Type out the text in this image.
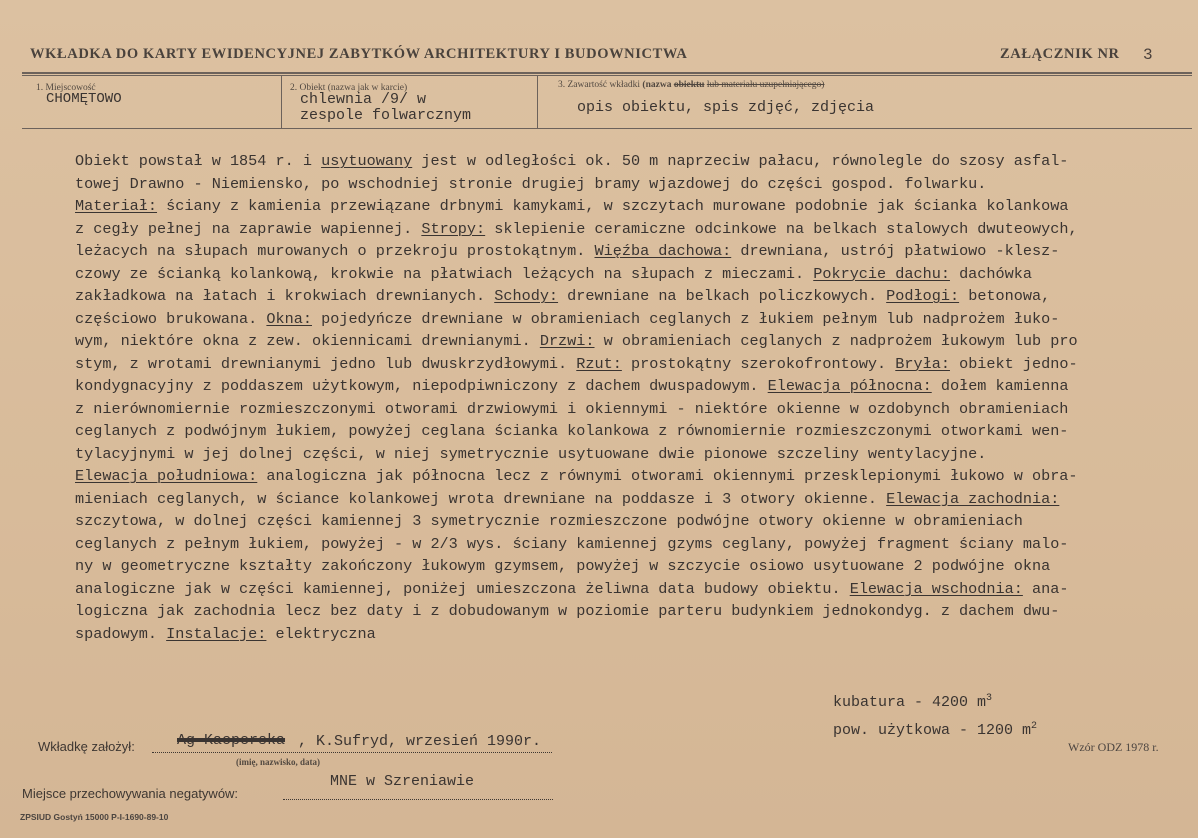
WKŁADKA DO KARTY EWIDENCYJNEJ ZABYTKÓW ARCHITEKTURY I BUDOWNICTWA	ZAŁĄCZNIK NR 3
1. Miejscowość
CHOMĘTOWO
2. Obiekt (nazwa jak w karcie)
chlewnia /9/ w
zespole folwarcznym
3. Zawartość wkładki (nazwa obiektu lub materiału uzupełniającego)
opis obiektu, spis zdjęć, zdjęcia
Obiekt powstał w 1854 r. i usytuowany jest w odległości ok. 50 m naprzeciw pałacu, równolegle do szosy asfal-
towej Drawno - Niemiensko, po wschodniej stronie drugiej bramy wjazdowej do części gospod. folwarku.
Materiał: ściany z kamienia przewiązane drbnymi kamykami, w szczytach murowane podobnie jak ścianka kolankowa
z cegły pełnej na zaprawie wapiennej. Stropy: sklepienie ceramiczne odcinkowe na belkach stalowych dwuteowych,
leżacych na słupach murowanych o przekroju prostokątnym. Więźba dachowa: drewniana, ustrój płatwiowo -klesz-
czowy ze ścianką kolankową, krokwie na płatwiach leżących na słupach z mieczami. Pokrycie dachu: dachówka
zakładkowa na łatach i krokwiach drewnianych. Schody: drewniane na belkach policzkowych. Podłogi: betonowa,
częściowo brukowana. Okna: pojedyńcze drewniane w obramieniach ceglanych z łukiem pełnym lub nadprożem łuko-
wym, niektóre okna z zew. okiennicami drewnianymi. Drzwi: w obramieniach ceglanych z nadprożem łukowym lub pro
stym, z wrotami drewnianymi jedno lub dwuskrzydłowymi. Rzut: prostokątny szerokofrontowy. Bryła: obiekt jedno-
kondygnacyjny z poddaszem użytkowym, niepodpiwniczony z dachem dwuspadowym. Elewacja północna: dołem kamienna
z nierównomiernie rozmieszczonymi otworami drzwiowymi i okiennymi - niektóre okienne w ozdobynch obramieniach
ceglanych z podwójnym łukiem, powyżej ceglana ścianka kolankowa z równomiernie rozmieszczonymi otworkami wen-
tylacyjnymi w jej dolnej części, w niej symetrycznie usytuowane dwie pionowe szczeliny wentylacyjne.
Elewacja południowa: analogiczna jak północna lecz z równymi otworami okiennymi przesklepionymi łukowo w obra-
mieniach ceglanych, w ściance kolankowej wrota drewniane na poddasze i 3 otwory okienne. Elewacja zachodnia:
szczytowa, w dolnej części kamiennej 3 symetrycznie rozmieszczone podwójne otwory okienne w obramieniach
ceglanych z pełnym łukiem, powyżej - w 2/3 wys. ściany kamiennej gzyms ceglany, powyżej fragment ściany malo-
ny w geometryczne kształty zakończony łukowym gzymsem, powyżej w szczycie osiowo usytuowane 2 podwójne okna
analogiczne jak w części kamiennej, poniżej umieszczona żeliwna data budowy obiektu. Elewacja wschodnia: ana-
logiczna jak zachodnia lecz bez daty i z dobudowanym w poziomie parteru budynkiem jednokondyg. z dachem dwu-
spadowym. Instalacje: elektryczna
kubatura - 4200 $m^3$
pow. użytkowa - 1200 $m^2$
Wkładkę założył:	Ag Kacperska , K.Sufryd, wrzesień 1990r.
(imię, nazwisko, data)
Miejsce przechowywania negatywów:
MNE w Szreniawie
Wzór ODZ 1978 r.
ZPSIUD Gostyń 15000 P-I-1690-89-10
